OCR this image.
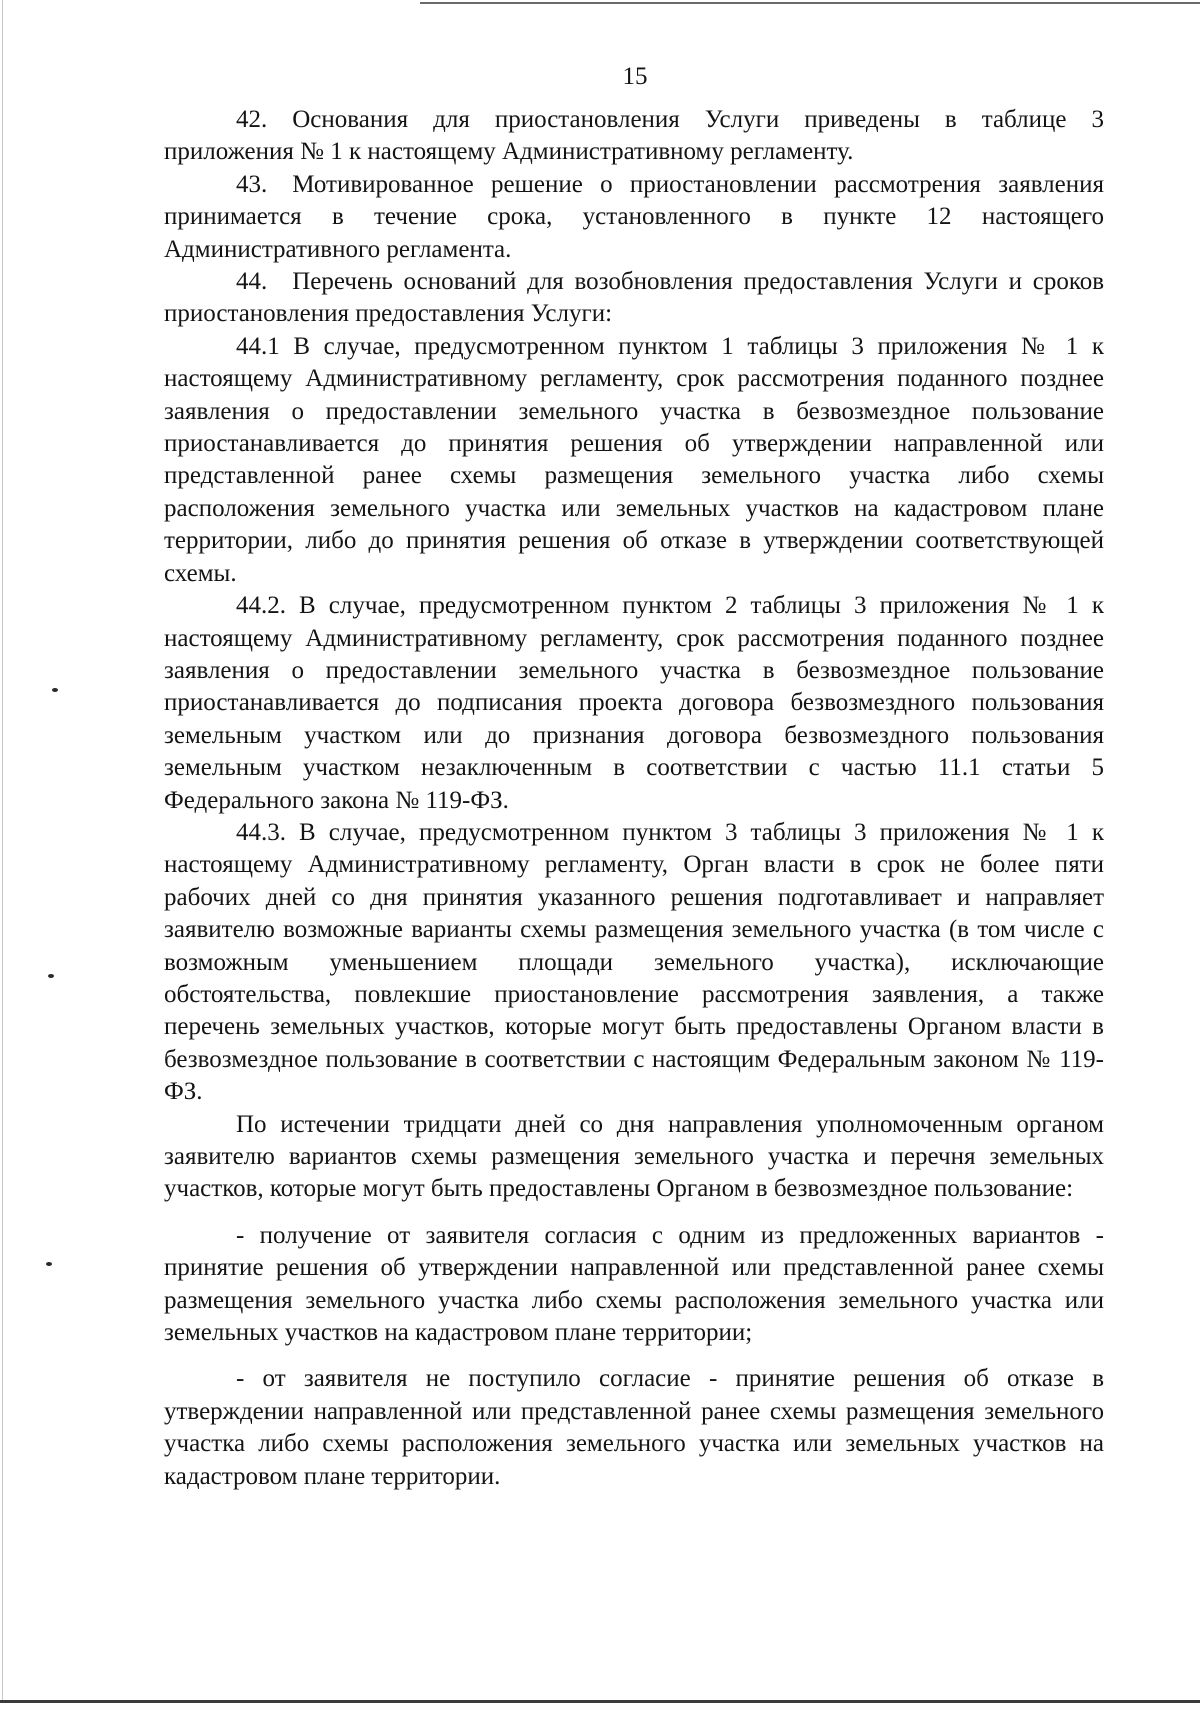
15

42. Основания для приостановления Услуги приведены в таблице 3 приложения № 1 к настоящему Административному регламенту.

43. Мотивированное решение о приостановлении рассмотрения заявления принимается в течение срока, установленного в пункте 12 настоящего Административного регламента.

44. Перечень оснований для возобновления предоставления Услуги и сроков приостановления предоставления Услуги:

44.1 В случае, предусмотренном пунктом 1 таблицы 3 приложения № 1 к настоящему Административному регламенту, срок рассмотрения поданного позднее заявления о предоставлении земельного участка в безвозмездное пользование приостанавливается до принятия решения об утверждении направленной или представленной ранее схемы размещения земельного участка либо схемы расположения земельного участка или земельных участков на кадастровом плане территории, либо до принятия решения об отказе в утверждении соответствующей схемы.

44.2. В случае, предусмотренном пунктом 2 таблицы 3 приложения № 1 к настоящему Административному регламенту, срок рассмотрения поданного позднее заявления о предоставлении земельного участка в безвозмездное пользование приостанавливается до подписания проекта договора безвозмездного пользования земельным участком или до признания договора безвозмездного пользования земельным участком незаключенным в соответствии с частью 11.1 статьи 5 Федерального закона № 119-ФЗ.

44.3. В случае, предусмотренном пунктом 3 таблицы 3 приложения № 1 к настоящему Административному регламенту, Орган власти в срок не более пяти рабочих дней со дня принятия указанного решения подготавливает и направляет заявителю возможные варианты схемы размещения земельного участка (в том числе с возможным уменьшением площади земельного участка), исключающие обстоятельства, повлекшие приостановление рассмотрения заявления, а также перечень земельных участков, которые могут быть предоставлены Органом власти в безвозмездное пользование в соответствии с настоящим Федеральным законом № 119-ФЗ.

По истечении тридцати дней со дня направления уполномоченным органом заявителю вариантов схемы размещения земельного участка и перечня земельных участков, которые могут быть предоставлены Органом в безвозмездное пользование:

- получение от заявителя согласия с одним из предложенных вариантов - принятие решения об утверждении направленной или представленной ранее схемы размещения земельного участка либо схемы расположения земельного участка или земельных участков на кадастровом плане территории;

- от заявителя не поступило согласие - принятие решения об отказе в утверждении направленной или представленной ранее схемы размещения земельного участка либо схемы расположения земельного участка или земельных участков на кадастровом плане территории.
